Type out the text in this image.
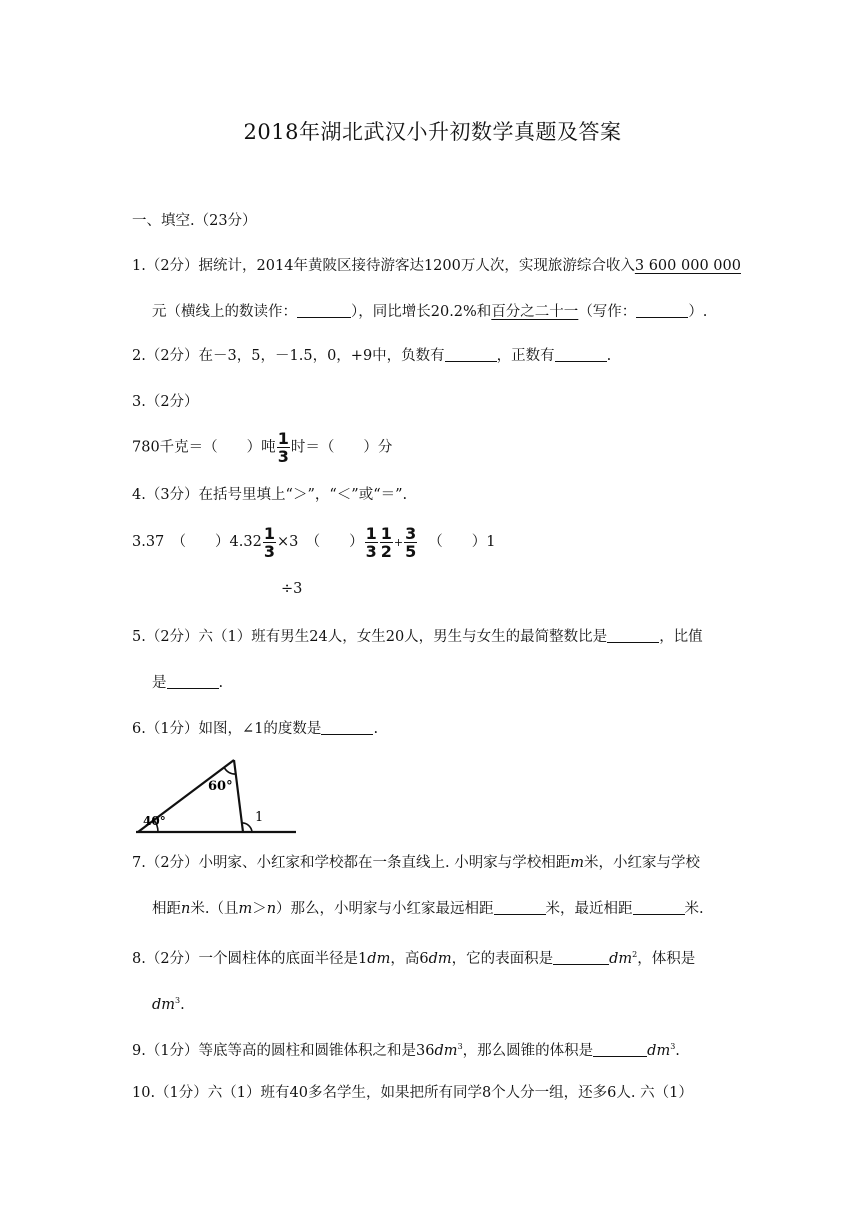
2018年湖北武汉小升初数学真题及答案
一、填空.（23分）
1.（2分）据统计，2014年黄陂区接待游客达1200万人次，实现旅游综合收入3 600 000 000
元（横线上的数读作：	），同比增长20.2%和百分之二十一（写作：	）.
2.（2分）在－3，5，－1.5，0，+9中，负数有	，正数有	.
3.（2分）
780千克＝（　　）吨 $\frac{1}{3}$ 时＝（　　）分
4.（3分）在括号里填上“＞”，“＜”或“＝”.
3.37　（　　）$4.32 \frac{1}{3} \times 3$　（　　） $\frac{1}{3} \frac{1}{2} + \frac{3}{5}$ （　　）1
÷3
5.（2分）六（1）班有男生24人，女生20人，男生与女生的最简整数比是	，比值
是	.
6.（1分）如图，∠1的度数是	.
60°
40°	1
7.（2分）小明家、小红家和学校都在一条直线上. 小明家与学校相距m米，小红家与学校
相距n米.（且m＞n）那么，小明家与小红家最远相距	米，最近相距	米.
8.（2分）一个圆柱体的底面半径是1dm，高6dm，它的表面积是	$dm^2$，体积是
$dm^3$.
9.（1分）等底等高的圆柱和圆锥体积之和是$36dm^3$，那么圆锥的体积是	$dm^3$.
10.（1分）六（1）班有40多名学生，如果把所有同学8个人分一组，还多6人. 六（1）
